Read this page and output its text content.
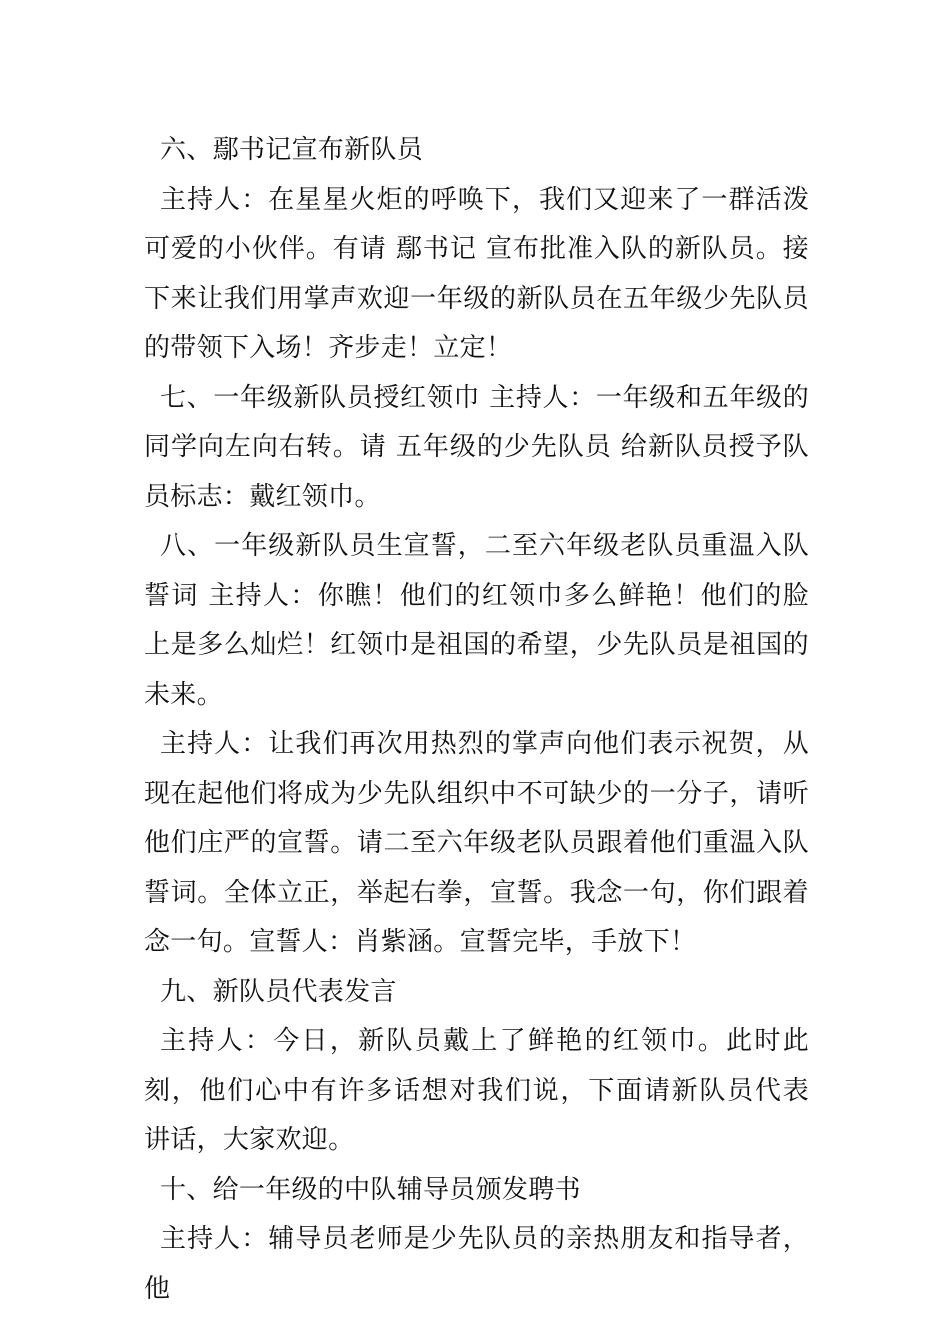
六、鄢书记宣布新队员

主持人：在星星火炬的呼唤下，我们又迎来了一群活泼可爱的小伙伴。有请 鄢书记 宣布批准入队的新队员。接下来让我们用掌声欢迎一年级的新队员在五年级少先队员的带领下入场！齐步走！立定！

七、一年级新队员授红领巾 主持人：一年级和五年级的同学向左向右转。请 五年级的少先队员 给新队员授予队员标志：戴红领巾。

八、一年级新队员生宣誓，二至六年级老队员重温入队誓词 主持人：你瞧！他们的红领巾多么鲜艳！他们的脸上是多么灿烂！红领巾是祖国的希望，少先队员是祖国的未来。

主持人：让我们再次用热烈的掌声向他们表示祝贺，从现在起他们将成为少先队组织中不可缺少的一分子，请听他们庄严的宣誓。请二至六年级老队员跟着他们重温入队誓词。全体立正，举起右拳，宣誓。我念一句，你们跟着念一句。宣誓人：肖紫涵。宣誓完毕，手放下！

九、新队员代表发言

主持人：今日，新队员戴上了鲜艳的红领巾。此时此刻，他们心中有许多话想对我们说，下面请新队员代表 讲话，大家欢迎。

十、给一年级的中队辅导员颁发聘书

主持人：辅导员老师是少先队员的亲热朋友和指导者，他
